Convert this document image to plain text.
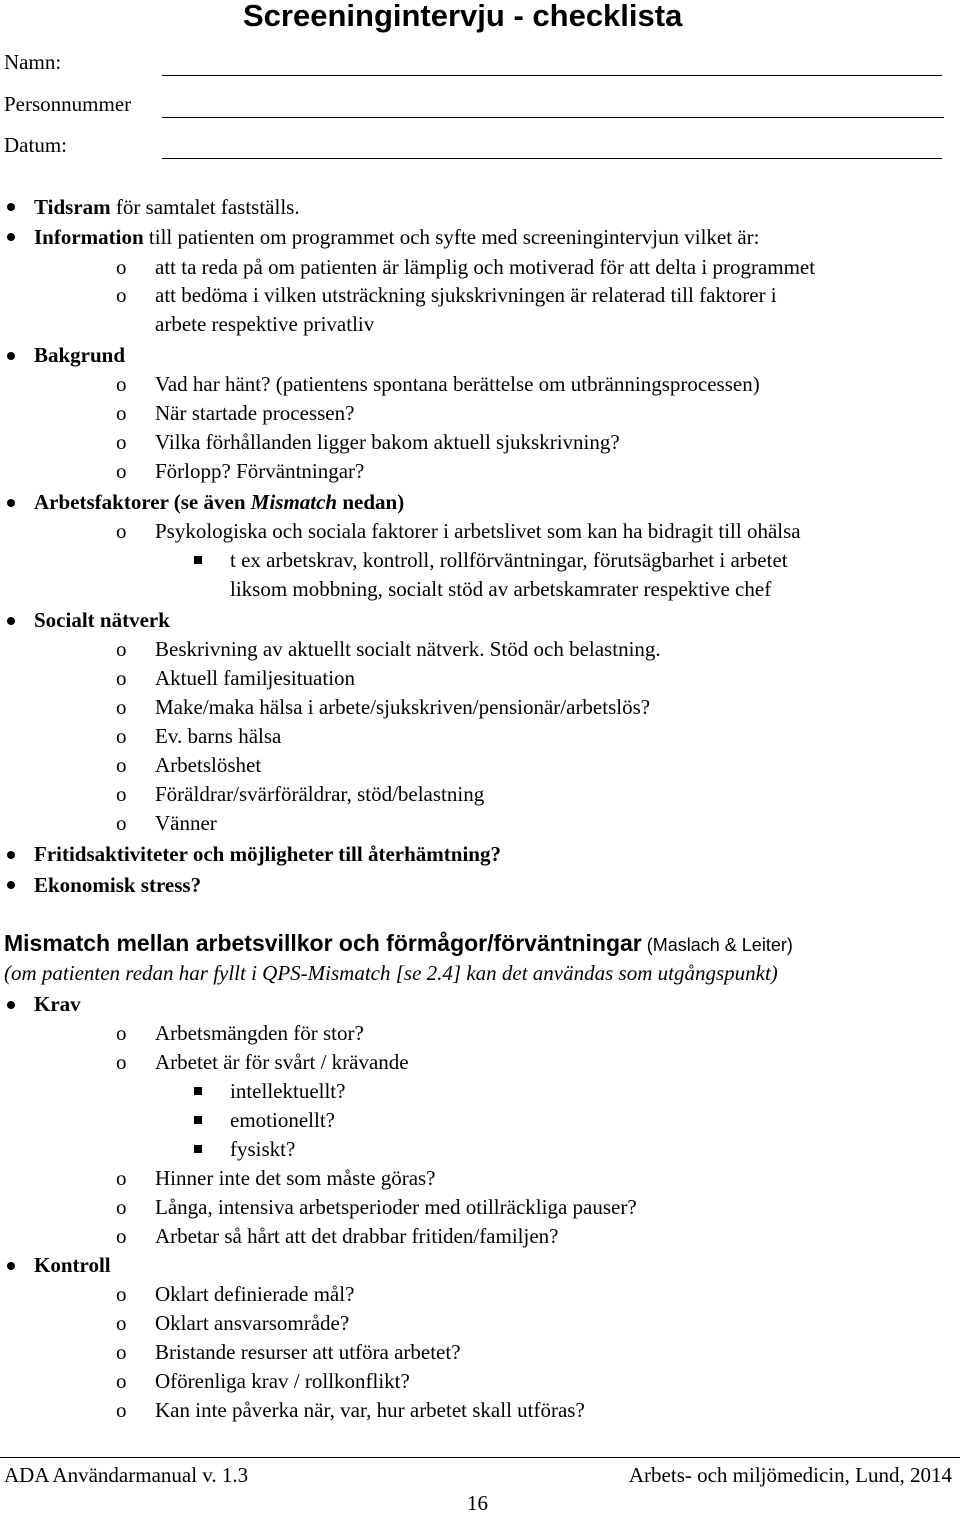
Screeningintervju - checklista
Namn:
Personnummer
Datum:
Tidsram för samtalet fastställs.
Information till patienten om programmet och syfte med screeningintervjun vilket är:
o att ta reda på om patienten är lämplig och motiverad för att delta i programmet
o att bedöma i vilken utsträckning sjukskrivningen är relaterad till faktorer i
arbete respektive privatliv
Bakgrund
o Vad har hänt? (patientens spontana berättelse om utbränningsprocessen)
o När startade processen?
o Vilka förhållanden ligger bakom aktuell sjukskrivning?
o Förlopp? Förväntningar?
Arbetsfaktorer (se även Mismatch nedan)
o Psykologiska och sociala faktorer i arbetslivet som kan ha bidragit till ohälsa
t ex arbetskrav, kontroll, rollförväntningar, förutsägbarhet i arbetet
liksom mobbning, socialt stöd av arbetskamrater respektive chef
Socialt nätverk
o Beskrivning av aktuellt socialt nätverk. Stöd och belastning.
o Aktuell familjesituation
o Make/maka hälsa i arbete/sjukskriven/pensionär/arbetslös?
o Ev. barns hälsa
o Arbetslöshet
o Föräldrar/svärföräldrar, stöd/belastning
o Vänner
Fritidsaktiviteter och möjligheter till återhämtning?
Ekonomisk stress?
Mismatch mellan arbetsvillkor och förmågor/förväntningar (Maslach & Leiter)
(om patienten redan har fyllt i QPS-Mismatch [se 2.4] kan det användas som utgångspunkt)
Krav
o Arbetsmängden för stor?
o Arbetet är för svårt / krävande
intellektuellt?
emotionellt?
fysiskt?
o Hinner inte det som måste göras?
o Långa, intensiva arbetsperioder med otillräckliga pauser?
o Arbetar så hårt att det drabbar fritiden/familjen?
Kontroll
o Oklart definierade mål?
o Oklart ansvarsområde?
o Bristande resurser att utföra arbetet?
o Oförenliga krav / rollkonflikt?
o Kan inte påverka när, var, hur arbetet skall utföras?
ADA Användarmanual v. 1.3	Arbets- och miljömedicin, Lund, 2014
16
